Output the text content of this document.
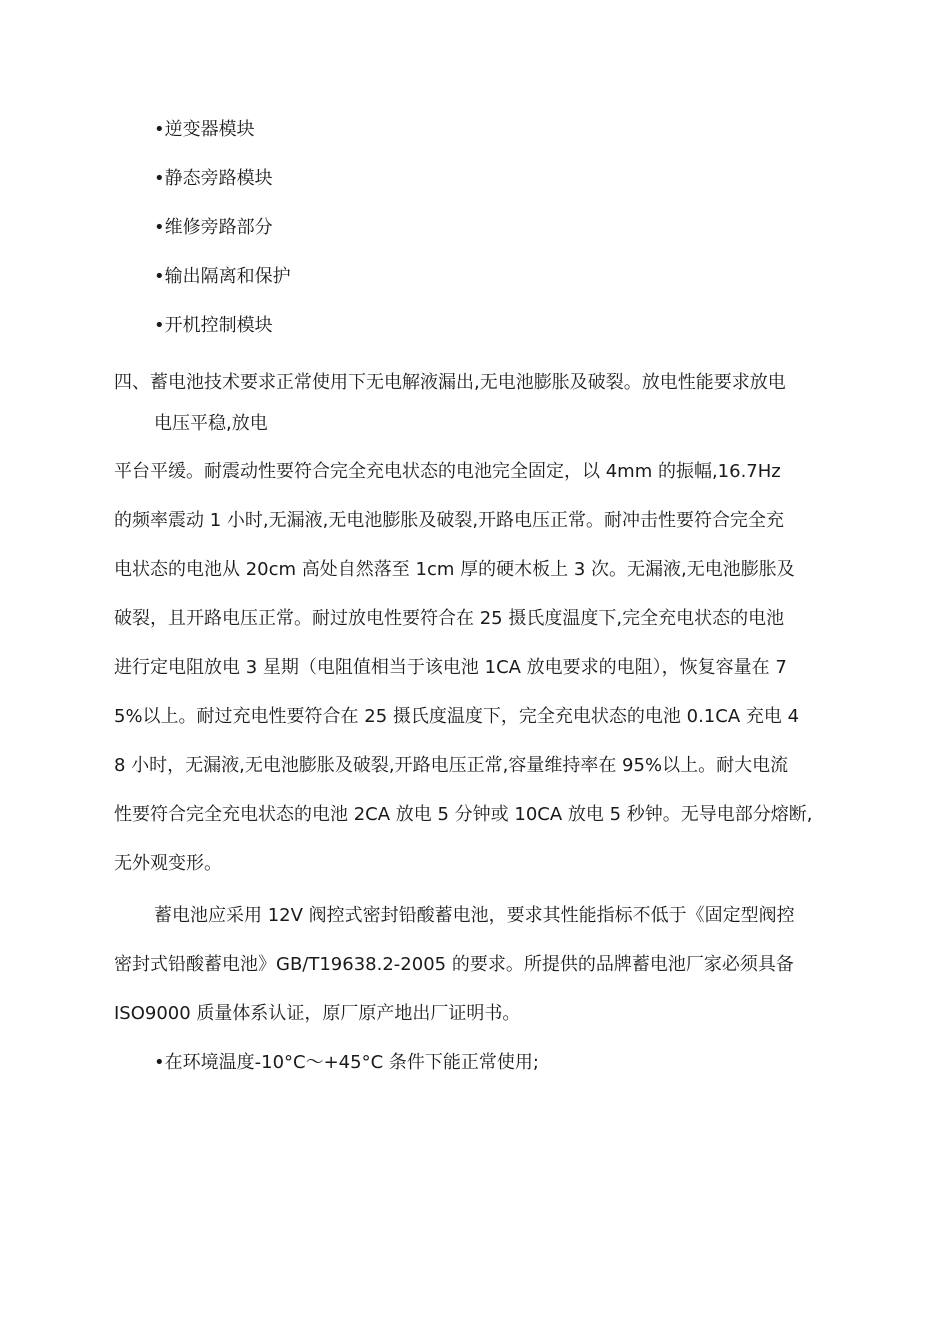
•逆变器模块
•静态旁路模块
•维修旁路部分
•输出隔离和保护
•开机控制模块
四、蓄电池技术要求正常使用下无电解液漏出,无电池膨胀及破裂。放电性能要求放电
电压平稳,放电
平台平缓。耐震动性要符合完全充电状态的电池完全固定，以 4mm 的振幅,16.7Hz
的频率震动 1 小时,无漏液,无电池膨胀及破裂,开路电压正常。耐冲击性要符合完全充
电状态的电池从 20cm 高处自然落至 1cm 厚的硬木板上 3 次。无漏液,无电池膨胀及
破裂，且开路电压正常。耐过放电性要符合在 25 摄氏度温度下,完全充电状态的电池
进行定电阻放电 3 星期（电阻值相当于该电池 1CA 放电要求的电阻），恢复容量在 7
5%以上。耐过充电性要符合在 25 摄氏度温度下，完全充电状态的电池 0.1CA 充电 4
8 小时，无漏液,无电池膨胀及破裂,开路电压正常,容量维持率在 95%以上。耐大电流
性要符合完全充电状态的电池 2CA 放电 5 分钟或 10CA 放电 5 秒钟。无导电部分熔断,
无外观变形。
蓄电池应采用 12V 阀控式密封铅酸蓄电池，要求其性能指标不低于《固定型阀控
密封式铅酸蓄电池》GB/T19638.2-2005 的要求。所提供的品牌蓄电池厂家必须具备
ISO9000 质量体系认证，原厂原产地出厂证明书。
•在环境温度-10°C～+45°C 条件下能正常使用;
